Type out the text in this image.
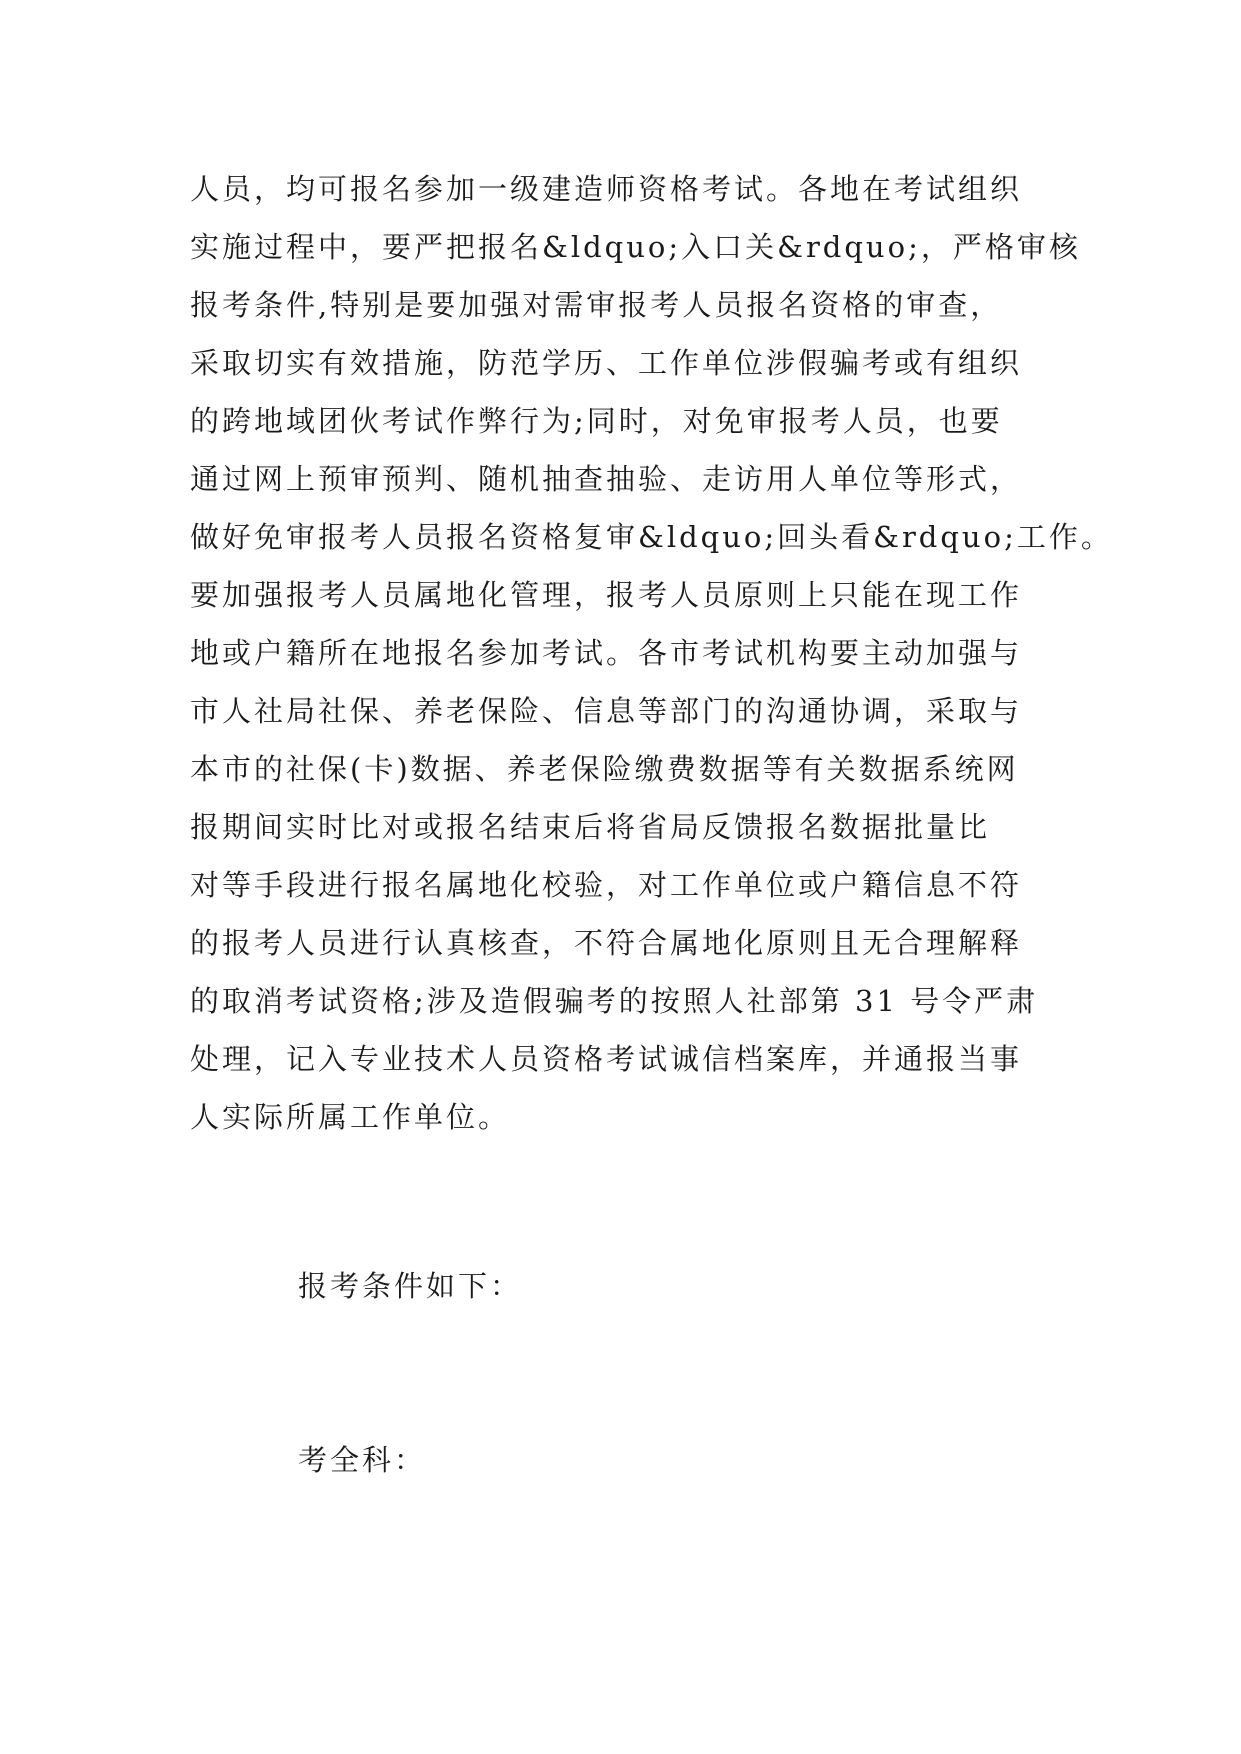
人员，均可报名参加一级建造师资格考试。各地在考试组织
实施过程中，要严把报名&ldquo;入口关&rdquo;，严格审核
报考条件,特别是要加强对需审报考人员报名资格的审查，
采取切实有效措施，防范学历、工作单位涉假骗考或有组织
的跨地域团伙考试作弊行为;同时，对免审报考人员，也要
通过网上预审预判、随机抽查抽验、走访用人单位等形式，
做好免审报考人员报名资格复审&ldquo;回头看&rdquo;工作。
要加强报考人员属地化管理，报考人员原则上只能在现工作
地或户籍所在地报名参加考试。各市考试机构要主动加强与
市人社局社保、养老保险、信息等部门的沟通协调，采取与
本市的社保(卡)数据、养老保险缴费数据等有关数据系统网
报期间实时比对或报名结束后将省局反馈报名数据批量比
对等手段进行报名属地化校验，对工作单位或户籍信息不符
的报考人员进行认真核查，不符合属地化原则且无合理解释
的取消考试资格;涉及造假骗考的按照人社部第 31 号令严肃
处理，记入专业技术人员资格考试诚信档案库，并通报当事
人实际所属工作单位。

报考条件如下：
考全科：
